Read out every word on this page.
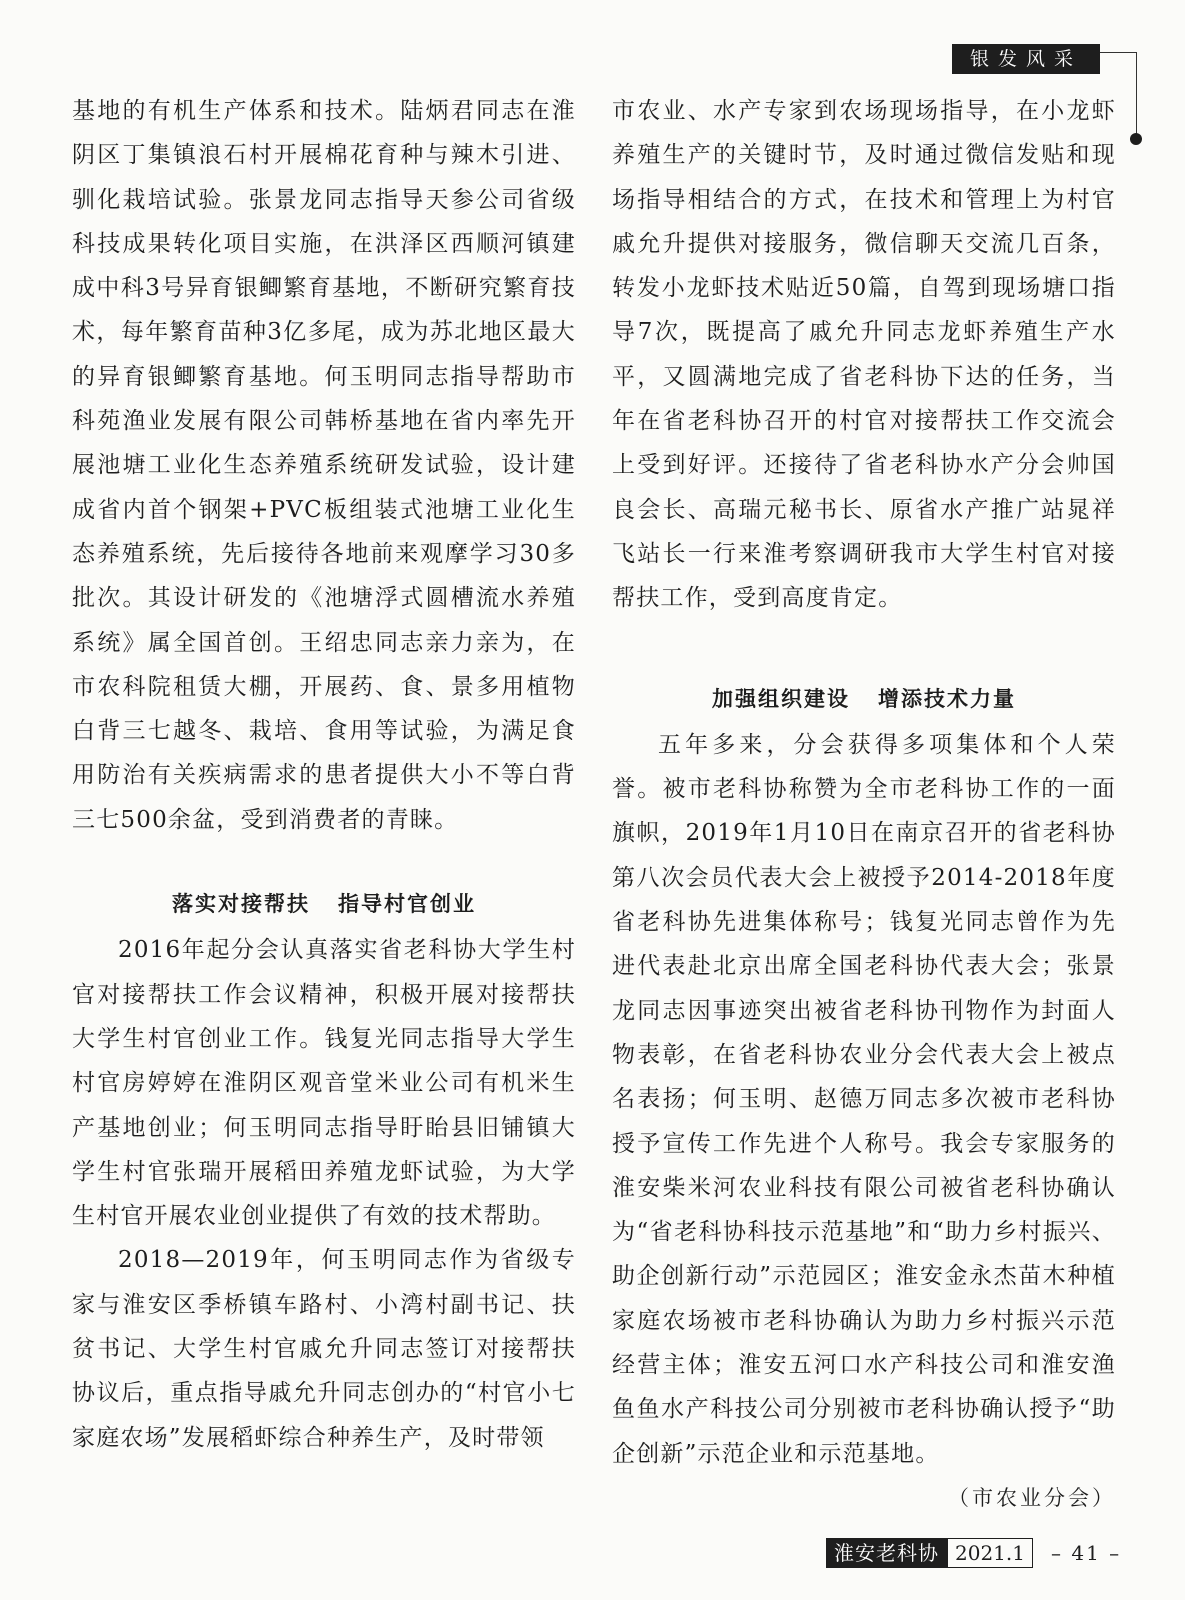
银发风采

基地的有机生产体系和技术。陆炳君同志在淮阴区丁集镇浪石村开展棉花育种与辣木引进、驯化栽培试验。张景龙同志指导天参公司省级科技成果转化项目实施，在洪泽区西顺河镇建成中科3号异育银鲫繁育基地，不断研究繁育技术，每年繁育苗种3亿多尾，成为苏北地区最大的异育银鲫繁育基地。何玉明同志指导帮助市科苑渔业发展有限公司韩桥基地在省内率先开展池塘工业化生态养殖系统研发试验，设计建成省内首个钢架+PVC板组装式池塘工业化生态养殖系统，先后接待各地前来观摩学习30多批次。其设计研发的《池塘浮式圆槽流水养殖系统》属全国首创。王绍忠同志亲力亲为，在市农科院租赁大棚，开展药、食、景多用植物白背三七越冬、栽培、食用等试验，为满足食用防治有关疾病需求的患者提供大小不等白背三七500余盆，受到消费者的青睐。

落实对接帮扶 指导村官创业

2016年起分会认真落实省老科协大学生村官对接帮扶工作会议精神，积极开展对接帮扶大学生村官创业工作。钱复光同志指导大学生村官房婷婷在淮阴区观音堂米业公司有机米生产基地创业；何玉明同志指导盱眙县旧铺镇大学生村官张瑞开展稻田养殖龙虾试验，为大学生村官开展农业创业提供了有效的技术帮助。

2018—2019年，何玉明同志作为省级专家与淮安区季桥镇车路村、小湾村副书记、扶贫书记、大学生村官戚允升同志签订对接帮扶协议后，重点指导戚允升同志创办的“村官小七家庭农场”发展稻虾综合种养生产，及时带领

市农业、水产专家到农场现场指导，在小龙虾养殖生产的关键时节，及时通过微信发贴和现场指导相结合的方式，在技术和管理上为村官戚允升提供对接服务，微信聊天交流几百条，转发小龙虾技术贴近50篇，自驾到现场塘口指导7次，既提高了戚允升同志龙虾养殖生产水平，又圆满地完成了省老科协下达的任务，当年在省老科协召开的村官对接帮扶工作交流会上受到好评。还接待了省老科协水产分会帅国良会长、高瑞元秘书长、原省水产推广站晁祥飞站长一行来淮考察调研我市大学生村官对接帮扶工作，受到高度肯定。

加强组织建设 增添技术力量

五年多来，分会获得多项集体和个人荣誉。被市老科协称赞为全市老科协工作的一面旗帜，2019年1月10日在南京召开的省老科协第八次会员代表大会上被授予2014-2018年度省老科协先进集体称号；钱复光同志曾作为先进代表赴北京出席全国老科协代表大会；张景龙同志因事迹突出被省老科协刊物作为封面人物表彰，在省老科协农业分会代表大会上被点名表扬；何玉明、赵德万同志多次被市老科协授予宣传工作先进个人称号。我会专家服务的淮安柴米河农业科技有限公司被省老科协确认为“省老科协科技示范基地”和“助力乡村振兴、助企创新行动”示范园区；淮安金永杰苗木种植家庭农场被市老科协确认为助力乡村振兴示范经营主体；淮安五河口水产科技公司和淮安渔鱼鱼水产科技公司分别被市老科协确认授予“助企创新”示范企业和示范基地。

（市农业分会）

淮安老科协 2021.1	– 41 –
